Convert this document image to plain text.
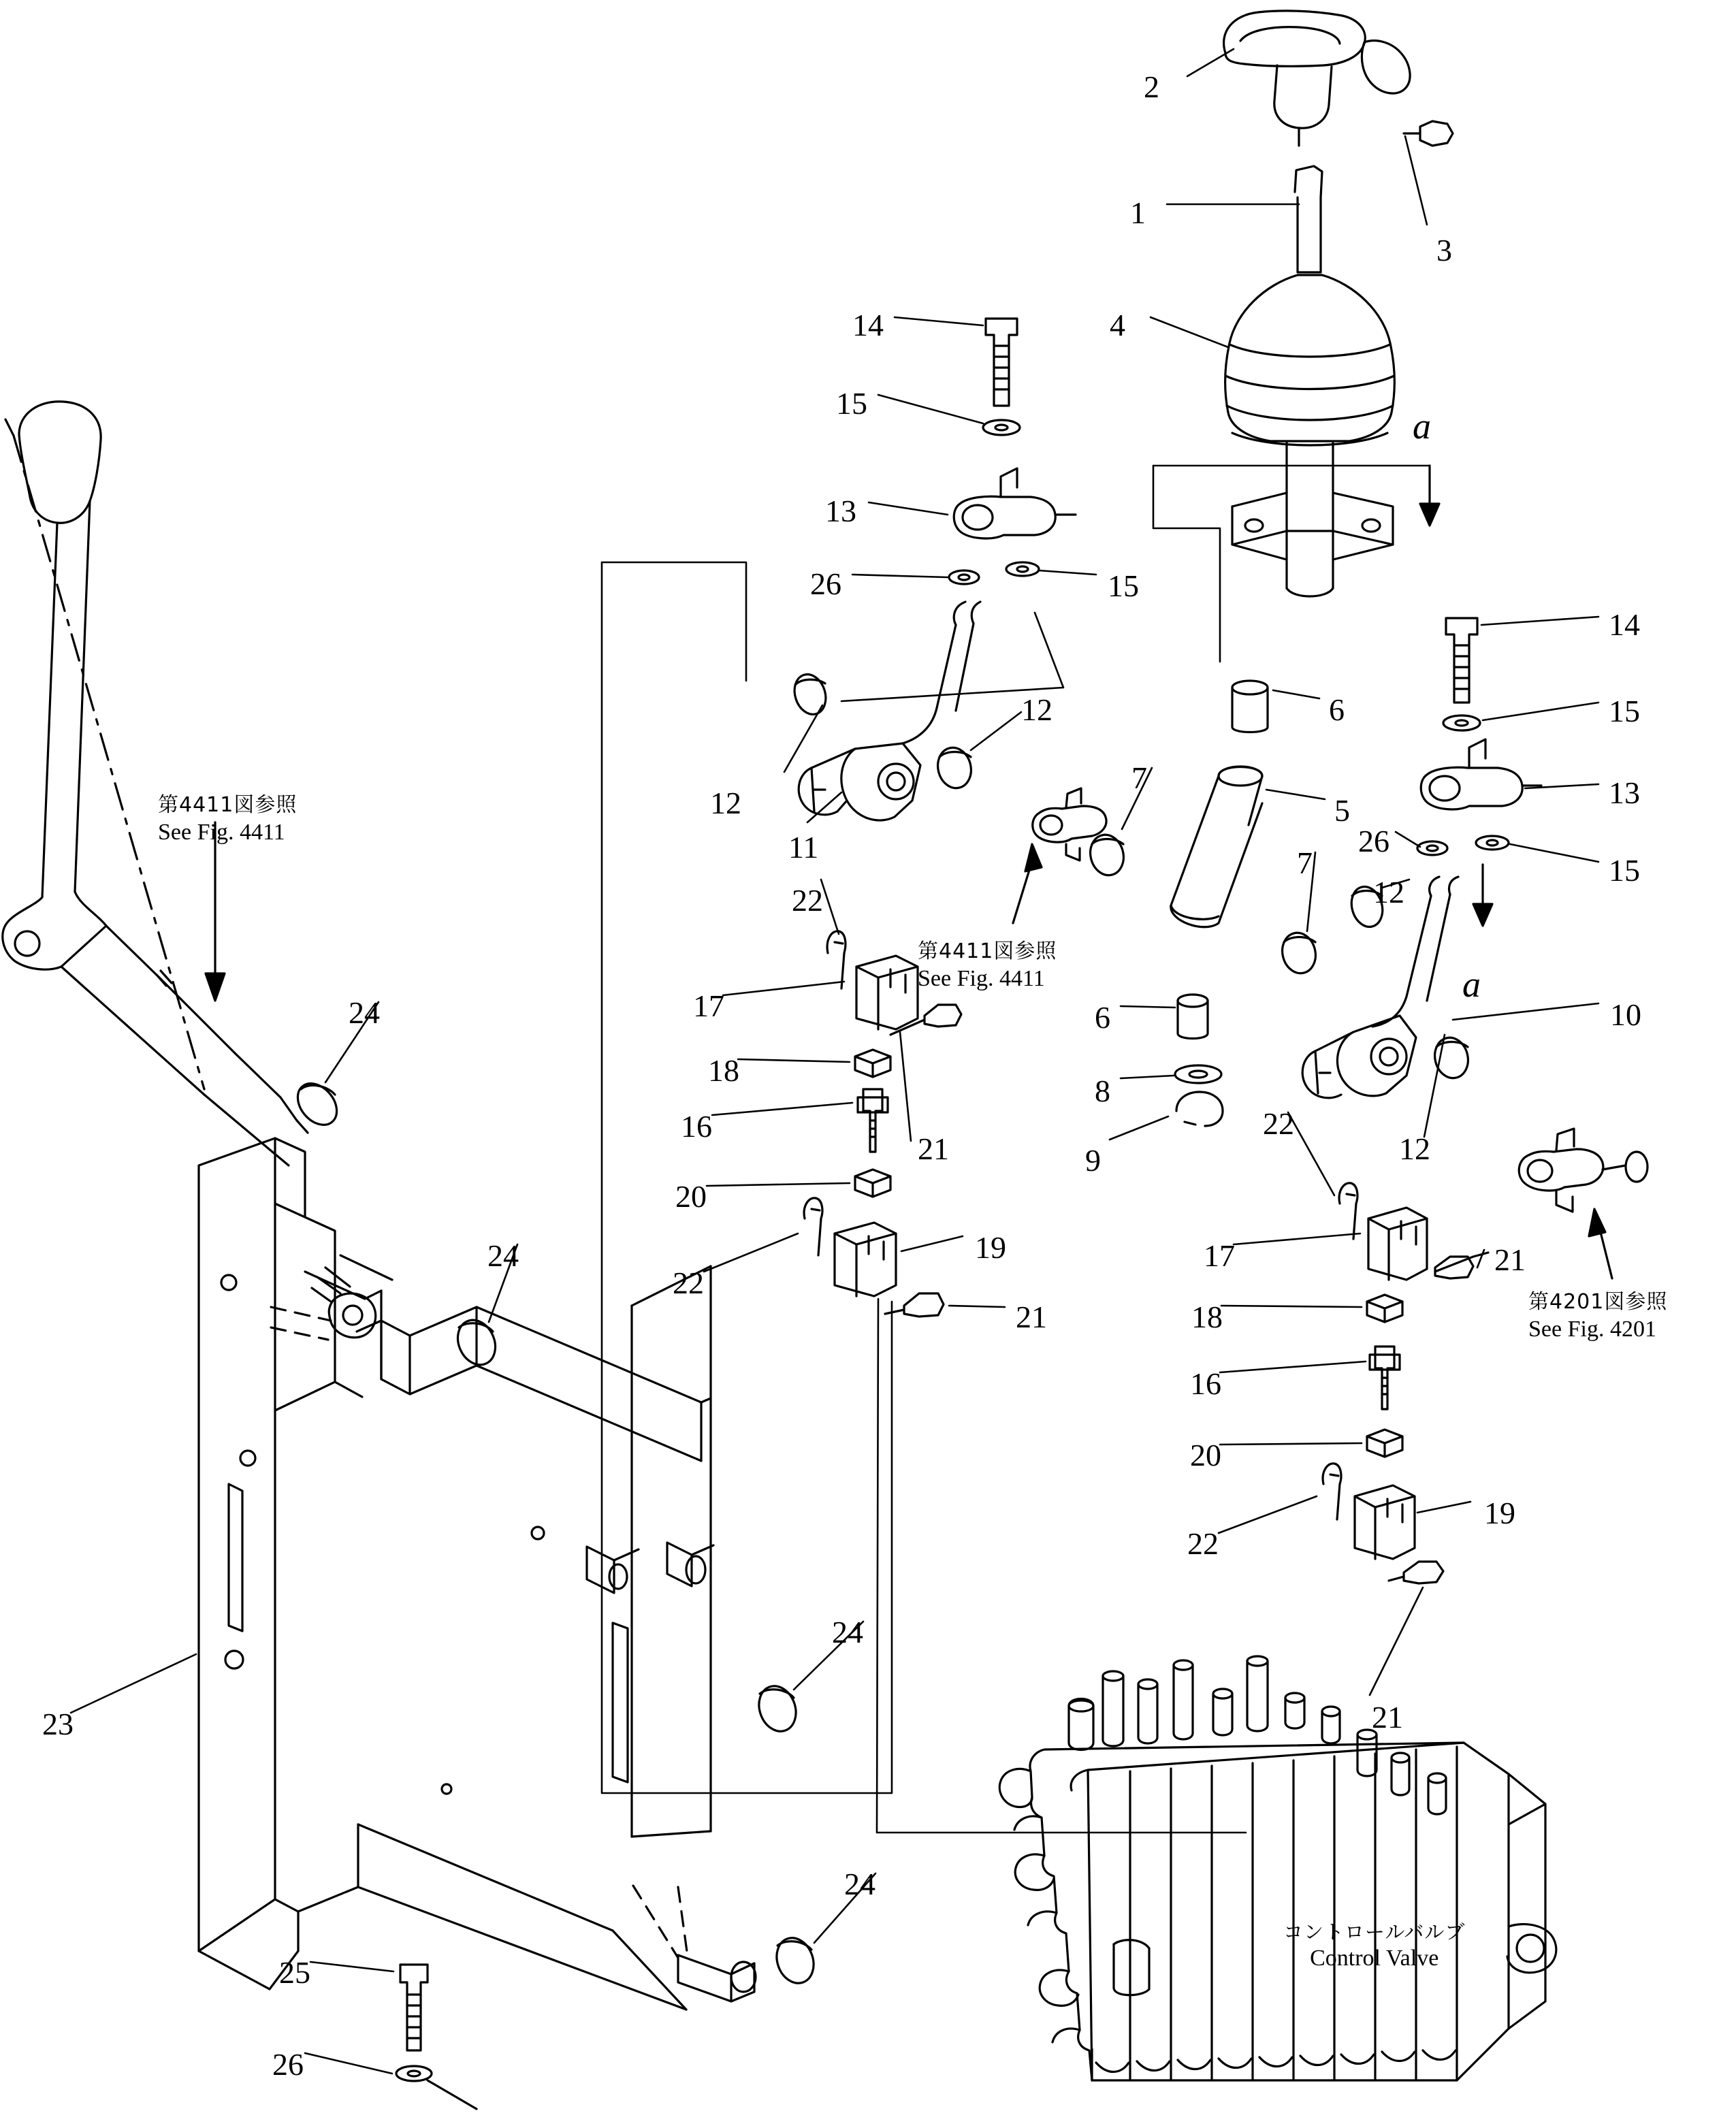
2
3
1
4
14
15
13
26	15
14
15
13
26
15
12
12
11
22
6
5
7
7
12
10
6
8
9
22
12
17
18
16
21
20
19
22
21
17
18
16
21
20
19
22
21
24
24
23
24
24
25
26
a
a
第4411図参照
See Fig. 4411
第4411図参照
See Fig. 4411
第4201図参照
See Fig. 4201
コントロールバルブ
Control Valve
